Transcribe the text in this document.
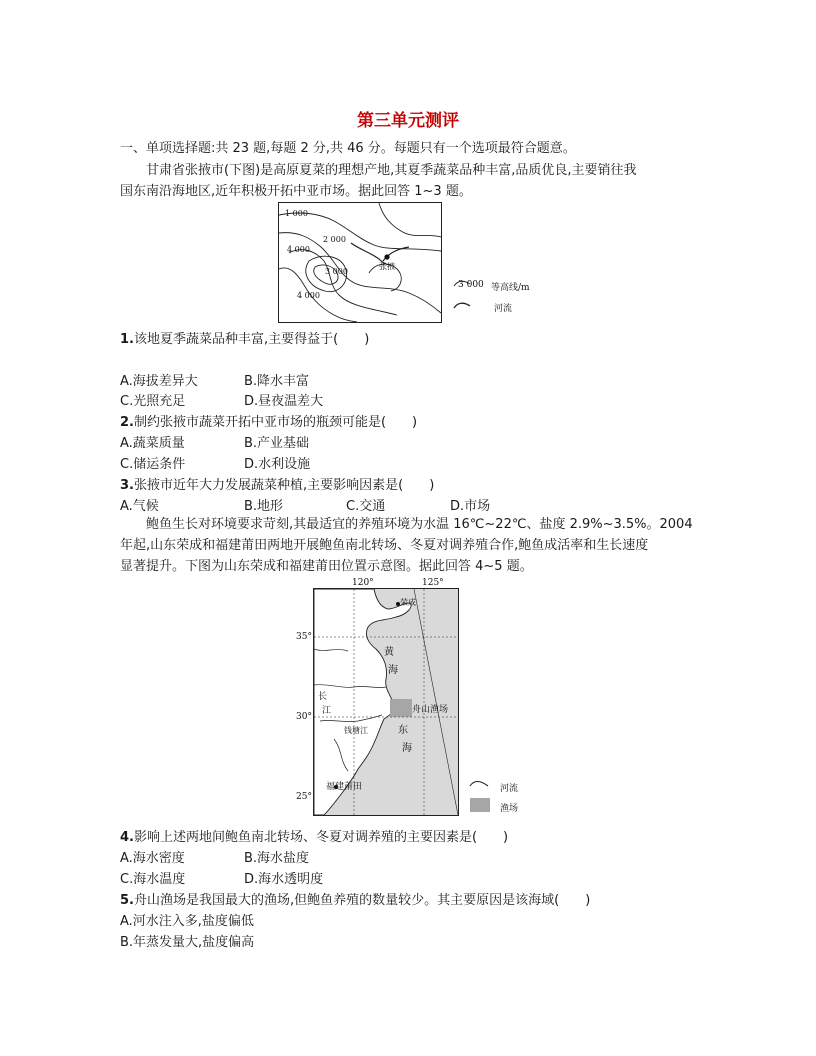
第三单元测评
一、单项选择题:共 23 题,每题 2 分,共 46 分。每题只有一个选项最符合题意。
甘肃省张掖市(下图)是高原夏菜的理想产地,其夏季蔬菜品种丰富,品质优良,主要销往我
国东南沿海地区,近年积极开拓中亚市场。据此回答 1~3 题。
1 000
2 000
4 000
3 000
4 000
张掖
3 000 等高线/m
河流
1.该地夏季蔬菜品种丰富,主要得益于(　　)
A.海拔差异大	B.降水丰富
C.光照充足	D.昼夜温差大
2.制约张掖市蔬菜开拓中亚市场的瓶颈可能是(　　)
A.蔬菜质量	B.产业基础
C.储运条件	D.水利设施
3.张掖市近年大力发展蔬菜种植,主要影响因素是(　　)
A.气候	B.地形	C.交通	D.市场
鲍鱼生长对环境要求苛刻,其最适宜的养殖环境为水温 16℃~22℃、盐度 2.9%~3.5%。2004
年起,山东荣成和福建莆田两地开展鲍鱼南北转场、冬夏对调养殖合作,鲍鱼成活率和生长速度
显著提升。下图为山东荣成和福建莆田位置示意图。据此回答 4~5 题。
120°	125°
35°
30°
25°
荣成
黄
海
长
江
钱塘江	东
海
福建莆田
舟山渔场
河流
渔场
4.影响上述两地间鲍鱼南北转场、冬夏对调养殖的主要因素是(　　)
A.海水密度	B.海水盐度
C.海水温度	D.海水透明度
5.舟山渔场是我国最大的渔场,但鲍鱼养殖的数量较少。其主要原因是该海域(　　)
A.河水注入多,盐度偏低
B.年蒸发量大,盐度偏高
